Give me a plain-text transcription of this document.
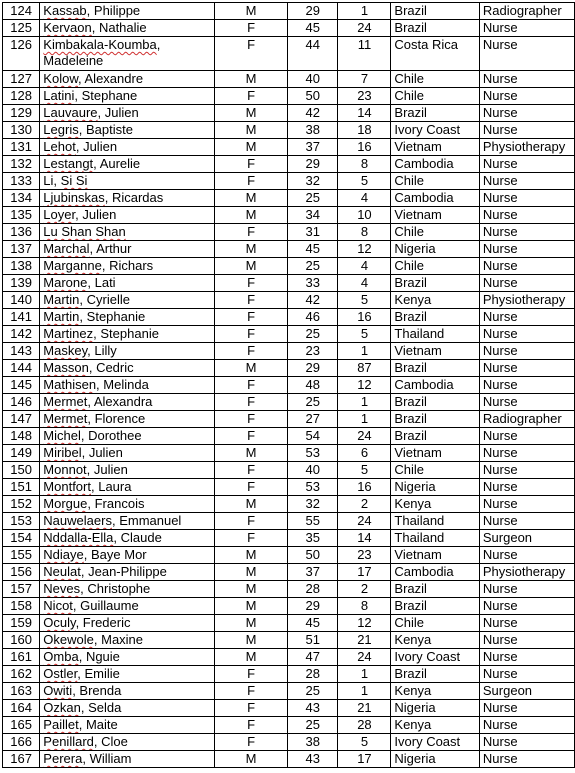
124	Kassab, Philippe	M	29	1	Brazil	Radiographer
125	Kervaon, Nathalie	F	45	24	Brazil	Nurse
126	Kimbakala-Koumba, Madeleine	F	44	11	Costa Rica	Nurse
127	Kolow, Alexandre	M	40	7	Chile	Nurse
128	Latini, Stephane	F	50	23	Chile	Nurse
129	Lauvaure, Julien	M	42	14	Brazil	Nurse
130	Legris, Baptiste	M	38	18	Ivory Coast	Nurse
131	Lehot, Julien	M	37	16	Vietnam	Physiotherapy
132	Lestangt, Aurelie	F	29	8	Cambodia	Nurse
133	Li, Si Si	F	32	5	Chile	Nurse
134	Ljubinskas, Ricardas	M	25	4	Cambodia	Nurse
135	Loyer, Julien	M	34	10	Vietnam	Nurse
136	Lu Shan Shan	F	31	8	Chile	Nurse
137	Marchal, Arthur	M	45	12	Nigeria	Nurse
138	Marganne, Richars	M	25	4	Chile	Nurse
139	Marone, Lati	F	33	4	Brazil	Nurse
140	Martin, Cyrielle	F	42	5	Kenya	Physiotherapy
141	Martin, Stephanie	F	46	16	Brazil	Nurse
142	Martinez, Stephanie	F	25	5	Thailand	Nurse
143	Maskey, Lilly	F	23	1	Vietnam	Nurse
144	Masson, Cedric	M	29	87	Brazil	Nurse
145	Mathisen, Melinda	F	48	12	Cambodia	Nurse
146	Mermet, Alexandra	F	25	1	Brazil	Nurse
147	Mermet, Florence	F	27	1	Brazil	Radiographer
148	Michel, Dorothee	F	54	24	Brazil	Nurse
149	Miribel, Julien	M	53	6	Vietnam	Nurse
150	Monnot, Julien	F	40	5	Chile	Nurse
151	Montfort, Laura	F	53	16	Nigeria	Nurse
152	Morgue, Francois	M	32	2	Kenya	Nurse
153	Nauwelaers, Emmanuel	F	55	24	Thailand	Nurse
154	Nddalla-Ella, Claude	F	35	14	Thailand	Surgeon
155	Ndiaye, Baye Mor	M	50	23	Vietnam	Nurse
156	Neulat, Jean-Philippe	M	37	17	Cambodia	Physiotherapy
157	Neves, Christophe	M	28	2	Brazil	Nurse
158	Nicot, Guillaume	M	29	8	Brazil	Nurse
159	Oculy, Frederic	M	45	12	Chile	Nurse
160	Okewole, Maxine	M	51	21	Kenya	Nurse
161	Omba, Nguie	M	47	24	Ivory Coast	Nurse
162	Ostler, Emilie	F	28	1	Brazil	Nurse
163	Owiti, Brenda	F	25	1	Kenya	Surgeon
164	Ozkan, Selda	F	43	21	Nigeria	Nurse
165	Paillet, Maite	F	25	28	Kenya	Nurse
166	Penillard, Cloe	F	38	5	Ivory Coast	Nurse
167	Perera, William	M	43	17	Nigeria	Nurse
